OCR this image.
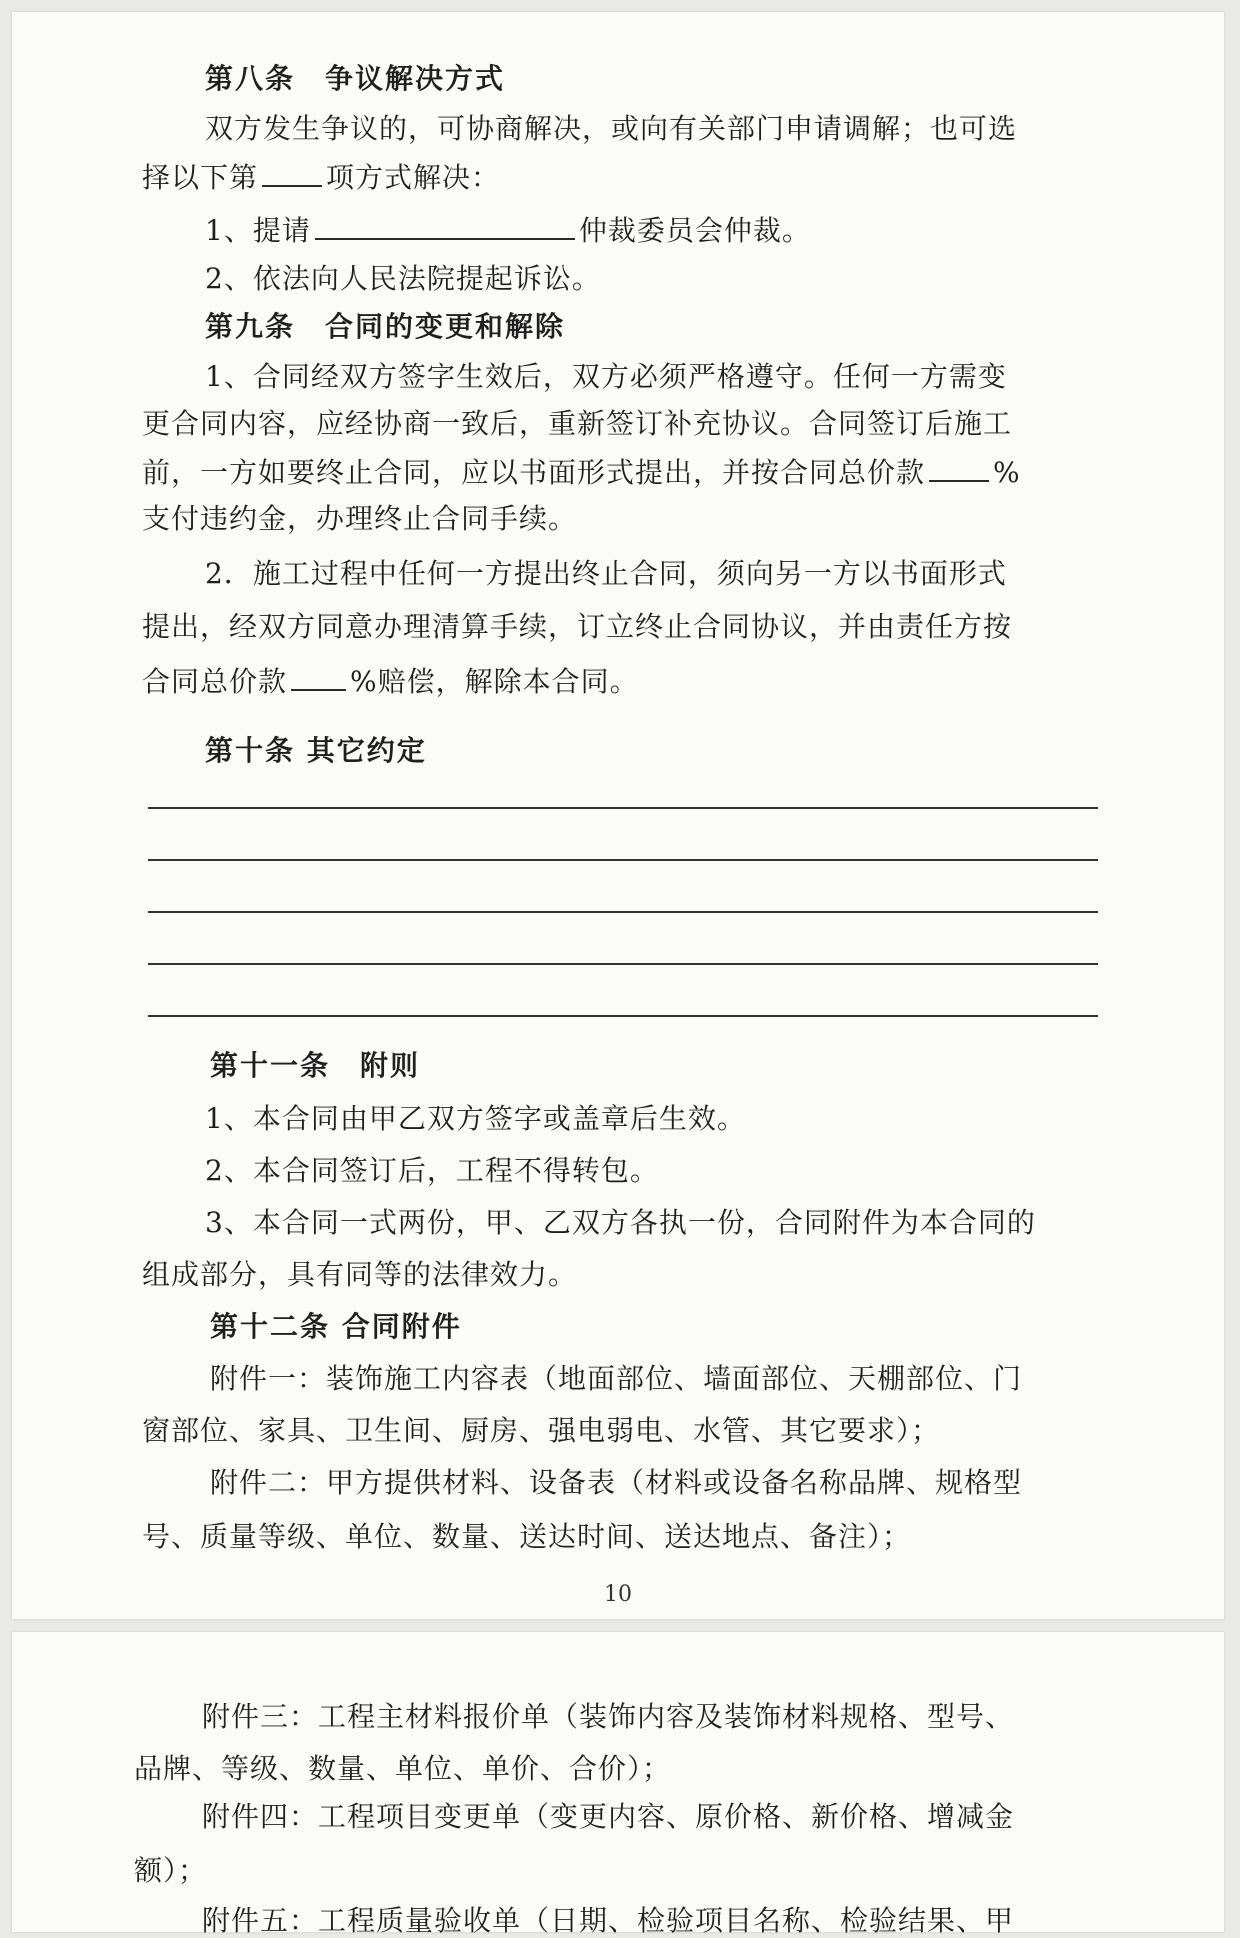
第八条　争议解决方式
双方发生争议的，可协商解决，或向有关部门申请调解；也可选
择以下第 项方式解决：
1、提请	仲裁委员会仲裁。
2、依法向人民法院提起诉讼。
第九条　合同的变更和解除
1、合同经双方签字生效后，双方必须严格遵守。任何一方需变
更合同内容，应经协商一致后，重新签订补充协议。合同签订后施工
前，一方如要终止合同，应以书面形式提出，并按合同总价款 %
支付违约金，办理终止合同手续。
2．施工过程中任何一方提出终止合同，须向另一方以书面形式
提出，经双方同意办理清算手续，订立终止合同协议，并由责任方按
合同总价款 %赔偿，解除本合同。
第十条 其它约定
第十一条　附则
1、本合同由甲乙双方签字或盖章后生效。
2、本合同签订后，工程不得转包。
3、本合同一式两份，甲、乙双方各执一份，合同附件为本合同的
组成部分，具有同等的法律效力。
第十二条 合同附件
附件一：装饰施工内容表（地面部位、墙面部位、天棚部位、门
窗部位、家具、卫生间、厨房、强电弱电、水管、其它要求）；
附件二：甲方提供材料、设备表（材料或设备名称品牌、规格型
号、质量等级、单位、数量、送达时间、送达地点、备注）；
10
附件三：工程主材料报价单（装饰内容及装饰材料规格、型号、
品牌、等级、数量、单位、单价、合价）；
附件四：工程项目变更单（变更内容、原价格、新价格、增减金
额）；
附件五：工程质量验收单（日期、检验项目名称、检验结果、甲
